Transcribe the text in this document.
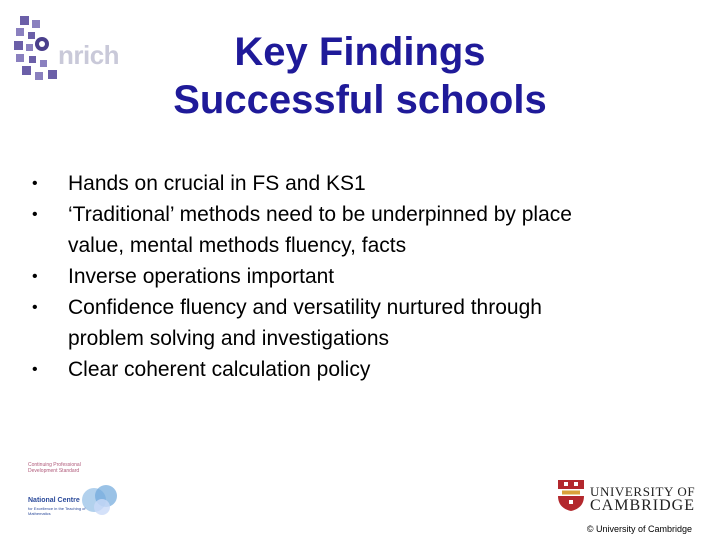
nrich	Key Findings
Successful schools
• Hands on crucial in FS and KS1
• ‘Traditional’ methods need to be underpinned by place
value, mental methods fluency, facts
• Inverse operations important
• Confidence fluency and versatility nurtured through
problem solving and investigations
• Clear coherent calculation policy
Continuing Professional Development Standard
National Centre
for Excellence in the Teaching of Mathematics
UNIVERSITY OF
CAMBRIDGE
© University of Cambridge
